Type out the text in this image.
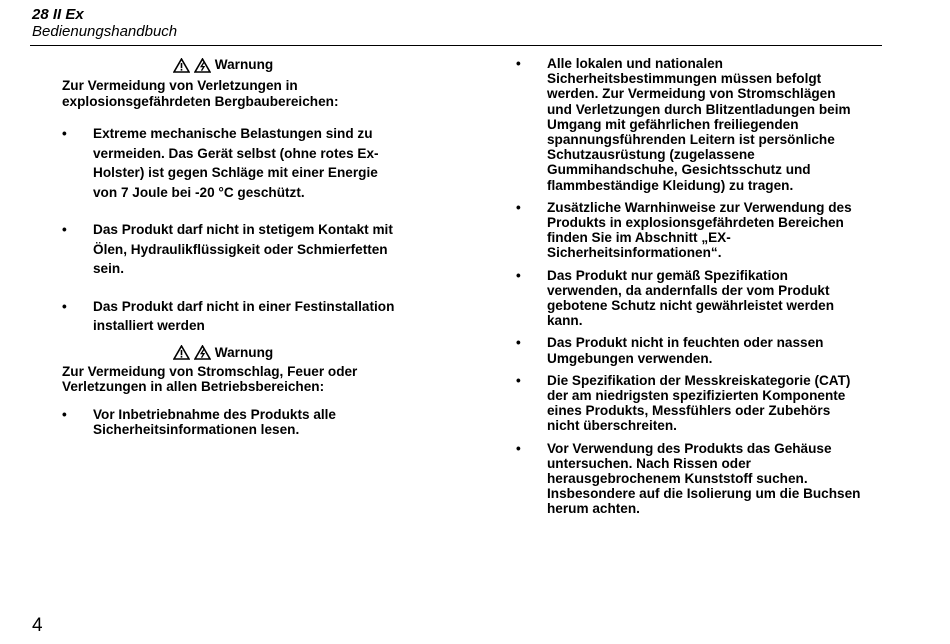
28 II Ex
Bedienungshandbuch
Warnung
Zur Vermeidung von Verletzungen in explosionsgefährdeten Bergbaubereichen:
• Extreme mechanische Belastungen sind zu vermeiden. Das Gerät selbst (ohne rotes Ex-Holster) ist gegen Schläge mit einer Energie von 7 Joule bei -20 °C geschützt.
• Das Produkt darf nicht in stetigem Kontakt mit Ölen, Hydraulikflüssigkeit oder Schmierfetten sein.
• Das Produkt darf nicht in einer Festinstallation installiert werden
Warnung
Zur Vermeidung von Stromschlag, Feuer oder Verletzungen in allen Betriebsbereichen:
• Vor Inbetriebnahme des Produkts alle Sicherheitsinformationen lesen.
• Alle lokalen und nationalen Sicherheitsbestimmungen müssen befolgt werden. Zur Vermeidung von Stromschlägen und Verletzungen durch Blitzentladungen beim Umgang mit gefährlichen freiliegenden spannungsführenden Leitern ist persönliche Schutzausrüstung (zugelassene Gummihandschuhe, Gesichtsschutz und flammbeständige Kleidung) zu tragen.
• Zusätzliche Warnhinweise zur Verwendung des Produkts in explosionsgefährdeten Bereichen finden Sie im Abschnitt „EX-Sicherheitsinformationen“.
• Das Produkt nur gemäß Spezifikation verwenden, da andernfalls der vom Produkt gebotene Schutz nicht gewährleistet werden kann.
• Das Produkt nicht in feuchten oder nassen Umgebungen verwenden.
• Die Spezifikation der Messkreiskategorie (CAT) der am niedrigsten spezifizierten Komponente eines Produkts, Messfühlers oder Zubehörs nicht überschreiten.
• Vor Verwendung des Produkts das Gehäuse untersuchen. Nach Rissen oder herausgebrochenem Kunststoff suchen. Insbesondere auf die Isolierung um die Buchsen herum achten.
4
